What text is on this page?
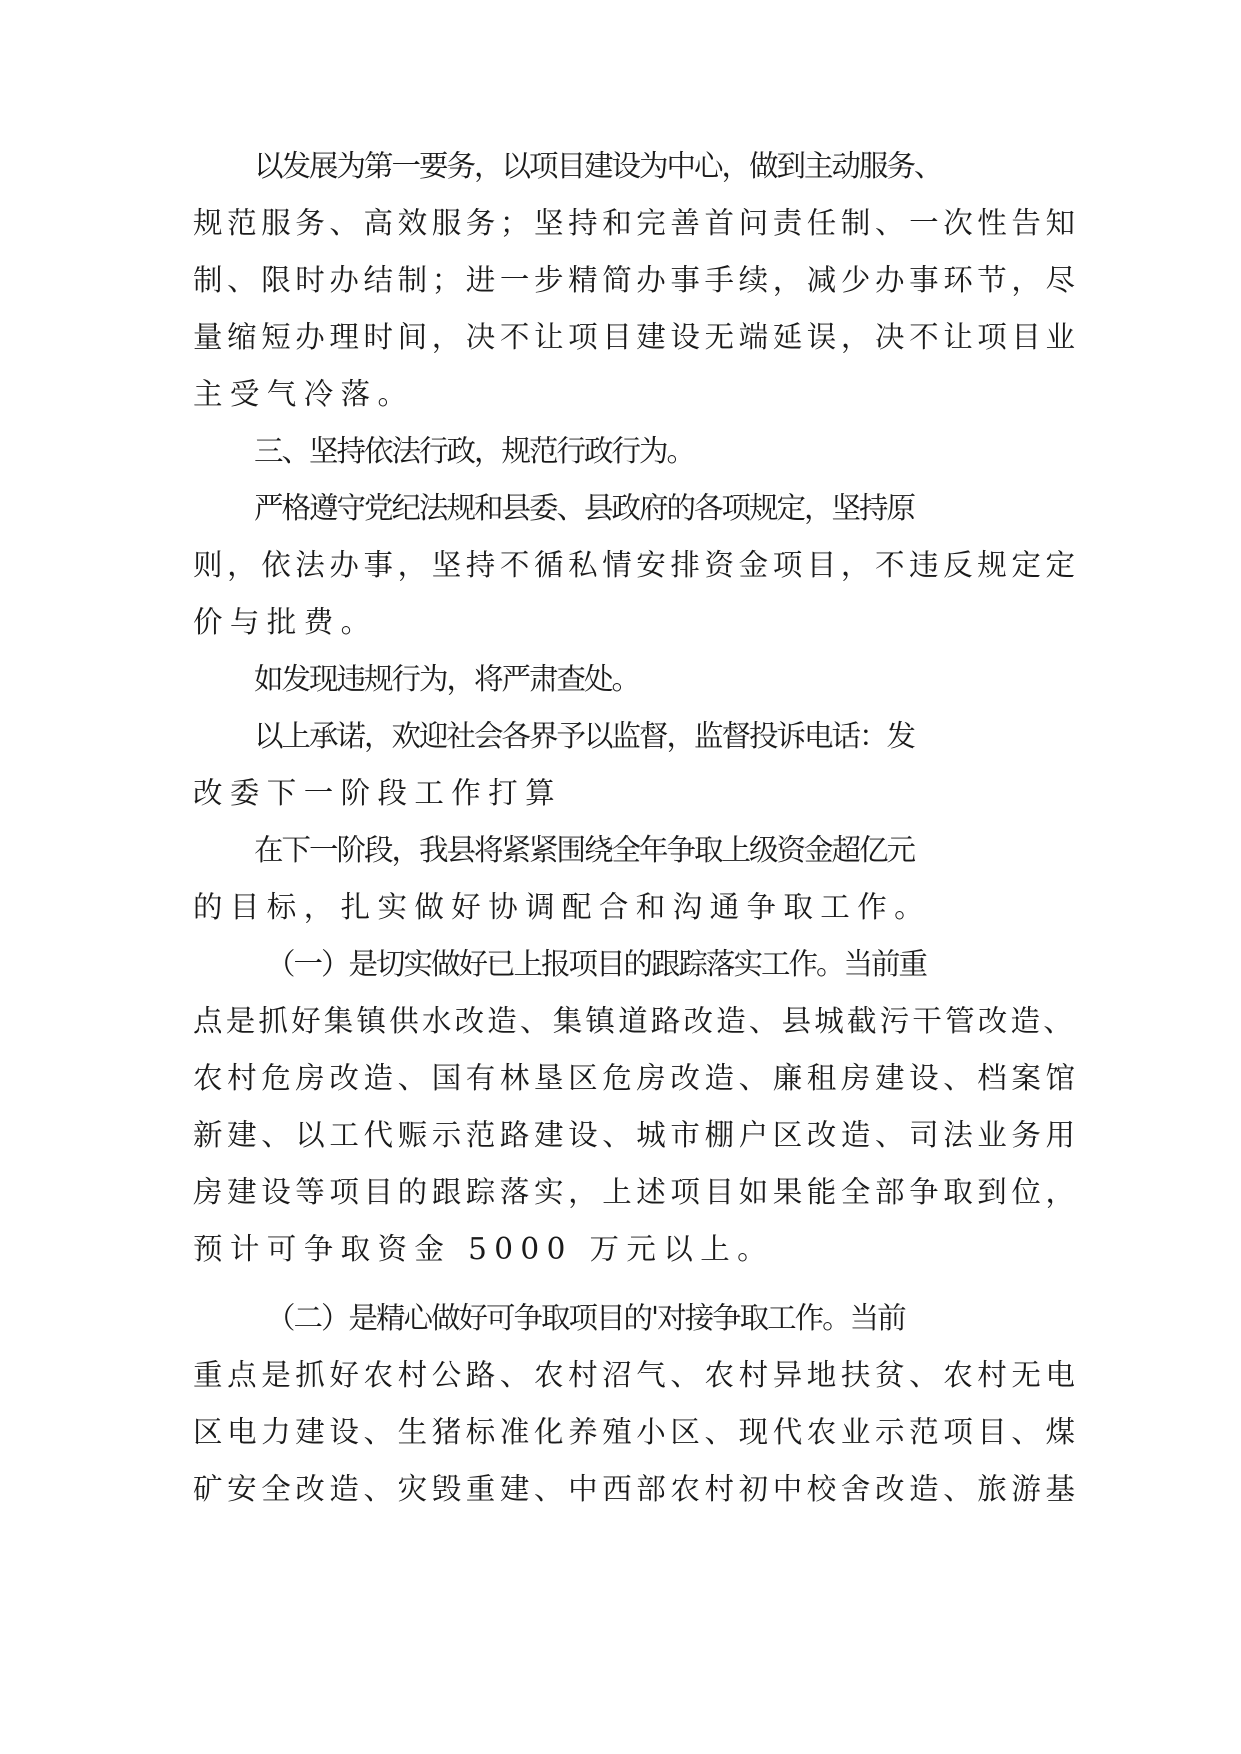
以发展为第一要务，以项目建设为中心，做到主动服务、
规范服务、高效服务；坚持和完善首问责任制、一次性告知
制、限时办结制；进一步精简办事手续，减少办事环节，尽
量缩短办理时间，决不让项目建设无端延误，决不让项目业
主受气冷落。
三、坚持依法行政，规范行政行为。
严格遵守党纪法规和县委、县政府的各项规定，坚持原
则，依法办事，坚持不循私情安排资金项目，不违反规定定
价与批费。
如发现违规行为，将严肃查处。
以上承诺，欢迎社会各界予以监督，监督投诉电话：发
改委下一阶段工作打算
在下一阶段，我县将紧紧围绕全年争取上级资金超亿元
的目标，扎实做好协调配合和沟通争取工作。
（一）是切实做好已上报项目的跟踪落实工作。当前重
点是抓好集镇供水改造、集镇道路改造、县城截污干管改造、
农村危房改造、国有林垦区危房改造、廉租房建设、档案馆
新建、以工代赈示范路建设、城市棚户区改造、司法业务用
房建设等项目的跟踪落实，上述项目如果能全部争取到位，
预计可争取资金 5000 万元以上。
（二）是精心做好可争取项目的'对接争取工作。当前
重点是抓好农村公路、农村沼气、农村异地扶贫、农村无电
区电力建设、生猪标准化养殖小区、现代农业示范项目、煤
矿安全改造、灾毁重建、中西部农村初中校舍改造、旅游基
